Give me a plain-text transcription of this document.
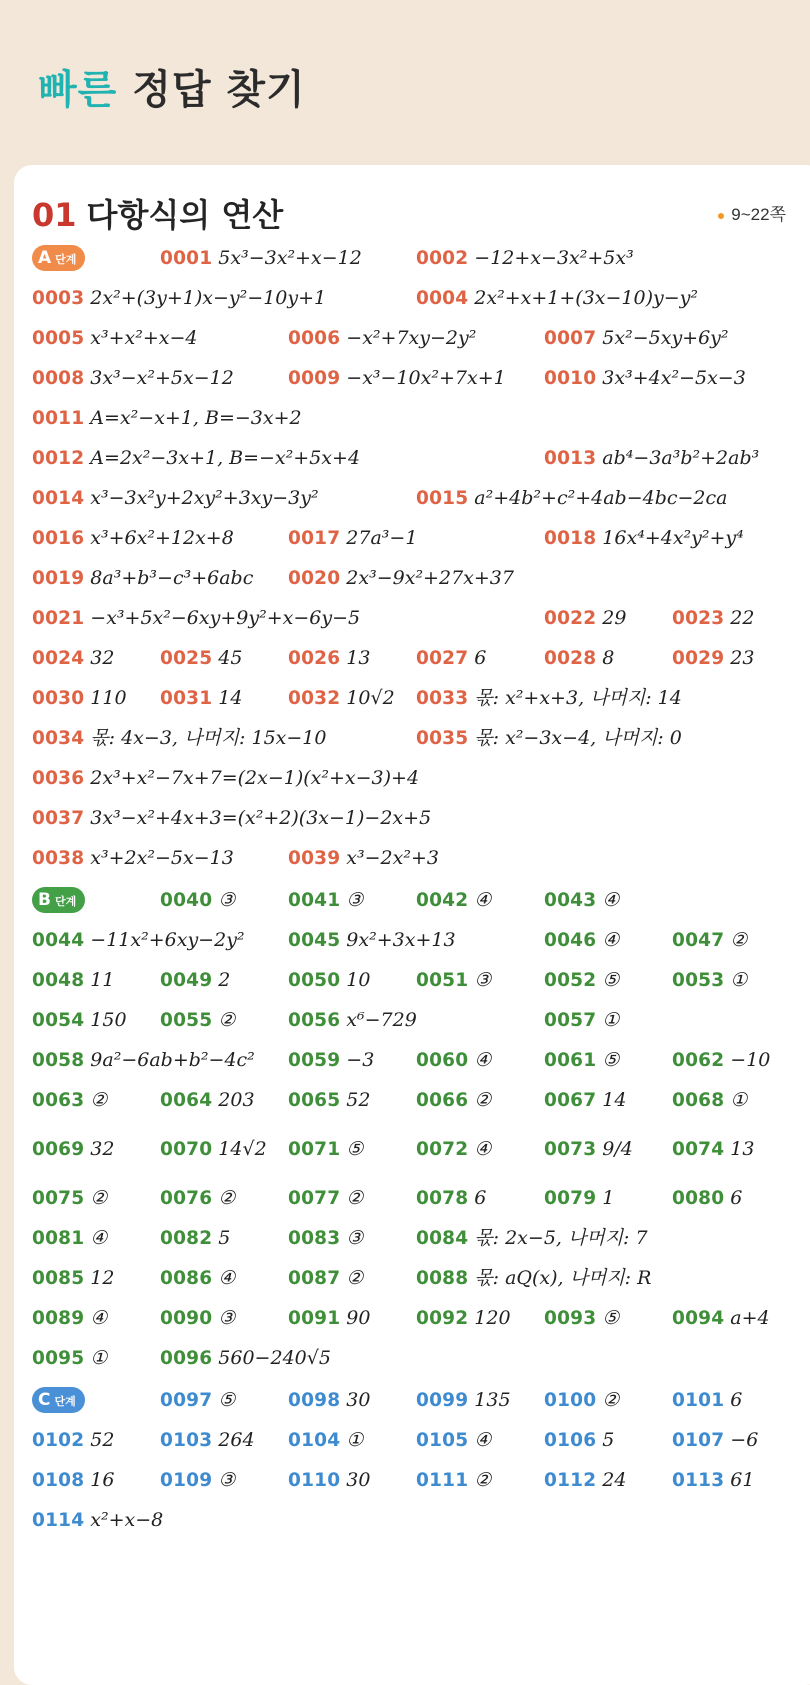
빠른 정답 찾기
01 다항식의 연산	● 9~22쪽
A단계	0001 5x³−3x²+x−12	0002 −12+x−3x²+5x³
0003 2x²+(3y+1)x−y²−10y+1	0004 2x²+x+1+(3x−10)y−y²
0005 x³+x²+x−4	0006 −x²+7xy−2y²	0007 5x²−5xy+6y²
0008 3x³−x²+5x−12	0009 −x³−10x²+7x+1 0010 3x³+4x²−5x−3
0011 A=x²−x+1, B=−3x+2
0012 A=2x²−3x+1, B=−x²+5x+4	0013 ab⁴−3a³b²+2ab³
0014 x³−3x²y+2xy²+3xy−3y²	0015 a²+4b²+c²+4ab−4bc−2ca
0016 x³+6x²+12x+8	0017 27a³−1	0018 16x⁴+4x²y²+y⁴
0019 8a³+b³−c³+6abc 0020 2x³−9x²+27x+37
0021 −x³+5x²−6xy+9y²+x−6y−5	0022 29 0023 22
0024 32 0025 45 0026 13 0027 6	0028 8	0029 23
0030 110 0031 14 0032 10√2 0033 몫: x²+x+3, 나머지: 14
0034 몫: 4x−3, 나머지: 15x−10	0035 몫: x²−3x−4, 나머지: 0
0036 2x³+x²−7x+7=(2x−1)(x²+x−3)+4
0037 3x³−x²+4x+3=(x²+2)(3x−1)−2x+5
0038 x³+2x²−5x−13	0039 x³−2x²+3
B단계	0040 ③	0041 ③	0042 ④	0043 ④
0044 −11x²+6xy−2y² 0045 9x²+3x+13	0046 ④	0047 ②
0048 11 0049 2	0050 10 0051 ③	0052 ⑤	0053 ①
0054 150 0055 ②	0056 x⁶−729	0057 ①
0058 9a²−6ab+b²−4c² 0059 −3 0060 ④	0061 ⑤	0062 −10
0063 ②	0064 203 0065 52 0066 ②	0067 14 0068 ①
0069 32 0070 14√2 0071 ⑤	0072 ④	0073 9/4 0074 13
0075 ②	0076 ②	0077 ②	0078 6	0079 1	0080 6
0081 ④	0082 5	0083 ③	0084 몫: 2x−5, 나머지: 7
0085 12 0086 ④	0087 ②	0088 몫: aQ(x), 나머지: R
0089 ④	0090 ③	0091 90 0092 120 0093 ⑤	0094 a+4
0095 ①	0096 560−240√5
C단계	0097 ⑤	0098 30 0099 135 0100 ②	0101 6
0102 52 0103 264 0104 ①	0105 ④	0106 5	0107 −6
0108 16 0109 ③	0110 30 0111 ②	0112 24 0113 61
0114 x²+x−8
